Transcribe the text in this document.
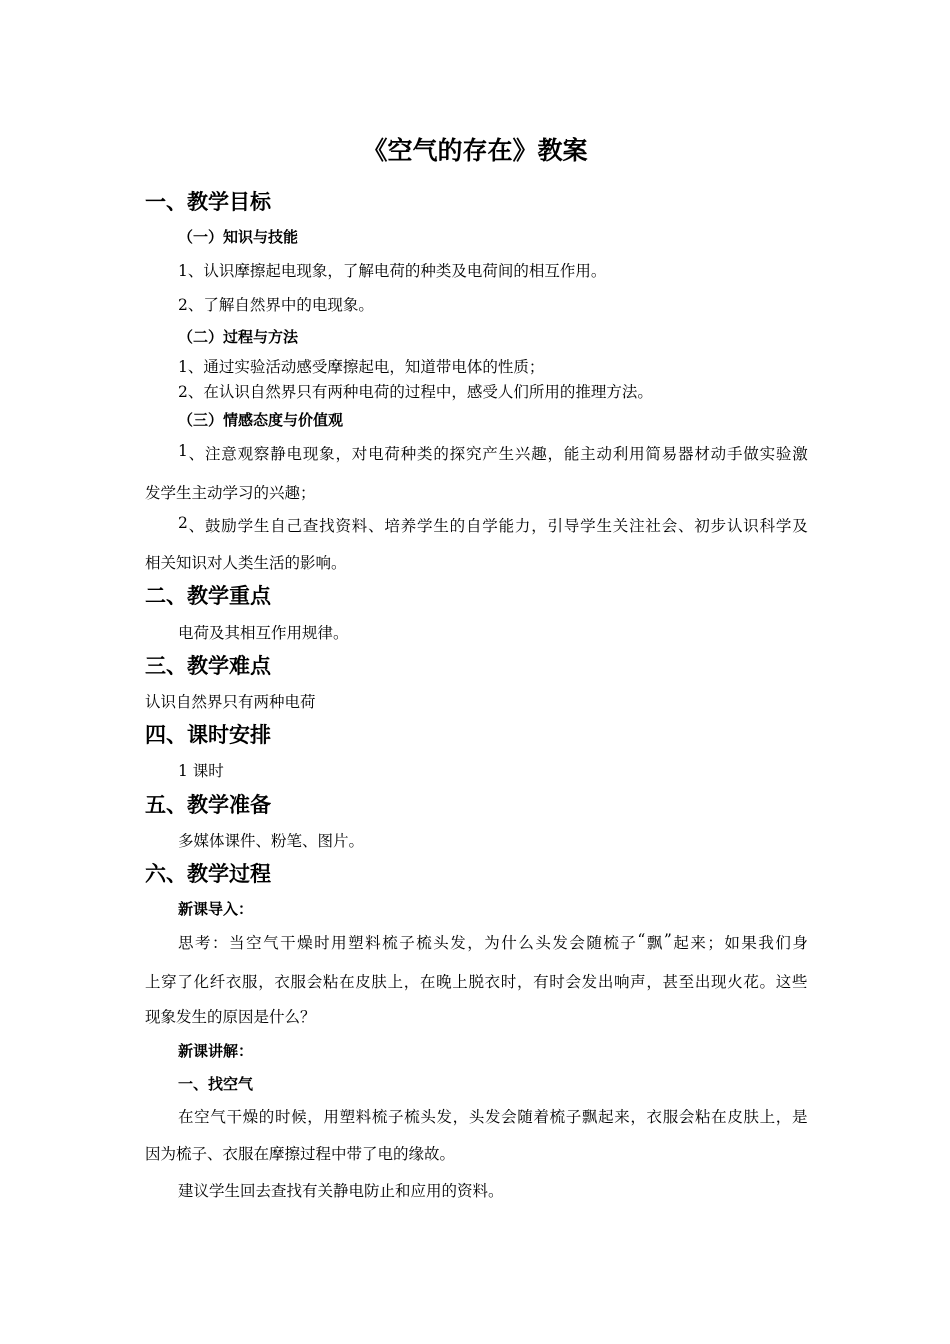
《空气的存在》教案
一、教学目标
（一）知识与技能
1、认识摩擦起电现象，了解电荷的种类及电荷间的相互作用。
2、了解自然界中的电现象。
（二）过程与方法
1、通过实验活动感受摩擦起电，知道带电体的性质；
2、在认识自然界只有两种电荷的过程中，感受人们所用的推理方法。
（三）情感态度与价值观
1 、 注 意 观 察 静 电 现 象 ， 对 电 荷 种 类 的 探 究 产 生 兴 趣 ， 能 主 动 利 用 简 易 器 材 动 手 做 实 验 激
发学生主动学习的兴趣；
2 、 鼓 励 学 生 自 己 查 找 资 料 、 培 养 学 生 的 自 学 能 力 ， 引 导 学 生 关 注 社 会 、 初 步 认 识 科 学 及
相关知识对人类生活的影响。
二、教学重点
电荷及其相互作用规律。
三、教学难点
认识自然界只有两种电荷
四、课时安排
1 课时
五、教学准备
多媒体课件、粉笔、图片。
六、教学过程
新课导入：
思 考 ： 当 空 气 干 燥 时 用 塑 料 梳 子 梳 头 发 ， 为 什 么 头 发 会 随 梳 子 “ 飘 ” 起 来 ； 如 果 我 们 身
上 穿 了 化 纤 衣 服 ， 衣 服 会 粘 在 皮 肤 上 ， 在 晚 上 脱 衣 时 ， 有 时 会 发 出 响 声 ， 甚 至 出 现 火 花 。 这 些
现象发生的原因是什么？
新课讲解：
一、找空气
在 空 气 干 燥 的 时 候 ， 用 塑 料 梳 子 梳 头 发 ， 头 发 会 随 着 梳 子 飘 起 来 ， 衣 服 会 粘 在 皮 肤 上 ， 是
因为梳子、衣服在摩擦过程中带了电的缘故。
建议学生回去查找有关静电防止和应用的资料。
